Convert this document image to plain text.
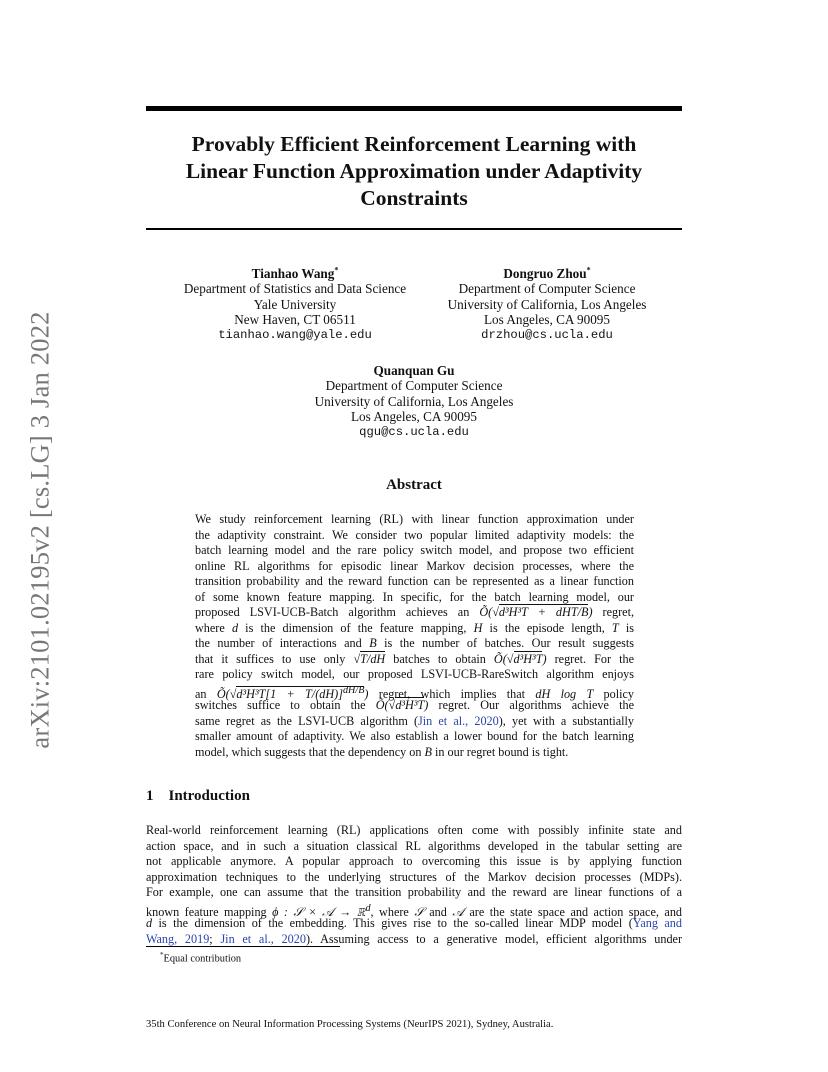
arXiv:2101.02195v2 [cs.LG] 3 Jan 2022
Provably Efficient Reinforcement Learning with
Linear Function Approximation under Adaptivity
Constraints
Tianhao Wang*
Department of Statistics and Data Science
Yale University
New Haven, CT 06511
tianhao.wang@yale.edu
Dongruo Zhou*
Department of Computer Science
University of California, Los Angeles
Los Angeles, CA 90095
drzhou@cs.ucla.edu
Quanquan Gu
Department of Computer Science
University of California, Los Angeles
Los Angeles, CA 90095
qgu@cs.ucla.edu
Abstract
We study reinforcement learning (RL) with linear function approximation under
the adaptivity constraint. We consider two popular limited adaptivity models: the
batch learning model and the rare policy switch model, and propose two efficient
online RL algorithms for episodic linear Markov decision processes, where the
transition probability and the reward function can be represented as a linear function
of some known feature mapping. In specific, for the batch learning model, our
proposed LSVI-UCB-Batch algorithm achieves an Õ(√d³H³T + dHT/B) regret,
where d is the dimension of the feature mapping, H is the episode length, T is
the number of interactions and B is the number of batches. Our result suggests
that it suffices to use only √T/dH batches to obtain Õ(√d³H³T) regret. For the
rare policy switch model, our proposed LSVI-UCB-RareSwitch algorithm enjoys
an Õ(√d³H³T[1 + T/(dH)]$^{dH/B}$) regret, which implies that dH log T policy
switches suffice to obtain the Õ(√d³H³T) regret. Our algorithms achieve the
same regret as the LSVI-UCB algorithm (Jin et al., 2020), yet with a substantially
smaller amount of adaptivity. We also establish a lower bound for the batch learning
model, which suggests that the dependency on B in our regret bound is tight.
1 Introduction
Real-world reinforcement learning (RL) applications often come with possibly infinite state and
action space, and in such a situation classical RL algorithms developed in the tabular setting are
not applicable anymore. A popular approach to overcoming this issue is by applying function
approximation techniques to the underlying structures of the Markov decision processes (MDPs).
For example, one can assume that the transition probability and the reward are linear functions of a
known feature mapping ϕ : 𝒮 × 𝒜 → ℝ$^d$, where 𝒮 and 𝒜 are the state space and action space, and
d is the dimension of the embedding. This gives rise to the so-called linear MDP model (Yang and
Wang, 2019; Jin et al., 2020). Assuming access to a generative model, efficient algorithms under
*Equal contribution
35th Conference on Neural Information Processing Systems (NeurIPS 2021), Sydney, Australia.
